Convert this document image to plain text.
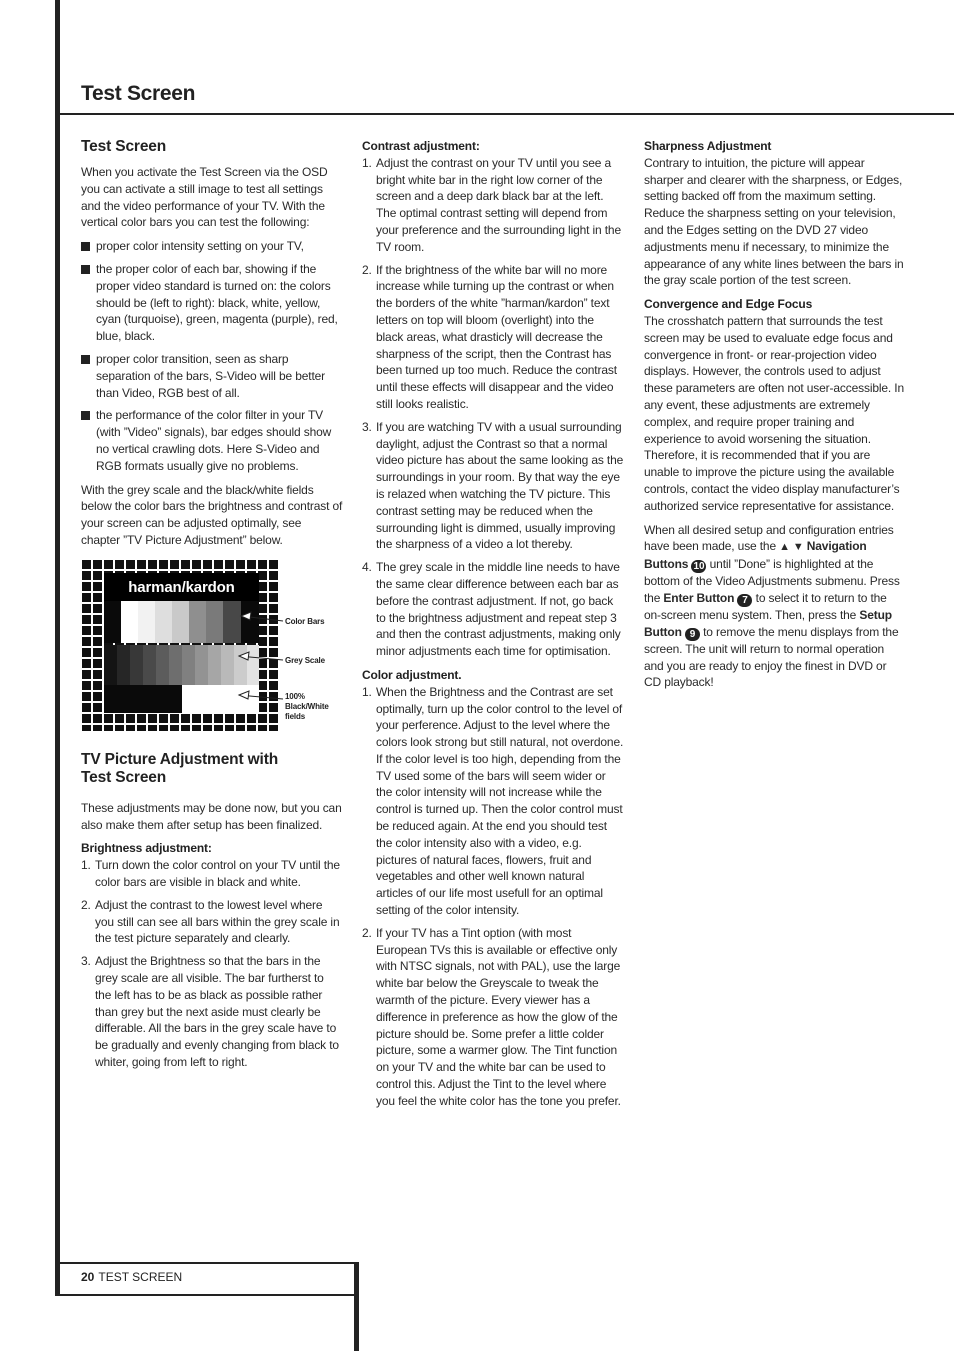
Test Screen
Test Screen

When you activate the Test Screen via the OSD you can activate a still image to test all settings and the video performance of your TV. With the vertical color bars you can test the following:

proper color intensity setting on your TV,
the proper color of each bar, showing if the proper video standard is turned on: the colors should be (left to right): black, white, yellow, cyan (turquoise), green, magenta (purple), red, blue, black.
proper color transition, seen as sharp separation of the bars, S-Video will be better than Video, RGB best of all.
the performance of the color filter in your TV (with ”Video” signals), bar edges should show no vertical crawling dots. Here S-Video and RGB formats usually give no problems.

With the grey scale and the black/white fields below the color bars the brightness and contrast of your screen can be adjusted optimally, see chapter ”TV Picture Adjustment” below.

harman/kardon
Color Bars
Grey Scale
100%
Black/White
fields
TV Picture Adjustment with
Test Screen

These adjustments may be done now, but you can also make them after setup has been finalized.

Brightness adjustment:
1. Turn down the color control on your TV until the color bars are visible in black and white.
2. Adjust the contrast to the lowest level where you still can see all bars within the grey scale in the test picture separately and clearly.
3. Adjust the Brightness so that the bars in the grey scale are all visible. The bar furtherst to the left has to be as black as possible rather than grey but the next aside must clearly be differable. All the bars in the grey scale have to be gradually and evenly changing from black to whiter, going from left to right.
Contrast adjustment:
1. Adjust the contrast on your TV until you see a bright white bar in the right low corner of the screen and a deep dark black bar at the left. The optimal contrast setting will depend from your preference and the surrounding light in the TV room.
2. If the brightness of the white bar will no more increase while turning up the contrast or when the borders of the white ”harman/kardon” text letters on top will bloom (overlight) into the black areas, what drasticly will decrease the sharpness of the script, then the Contrast has been turned up too much. Reduce the contrast until these effects will disappear and the video still looks realistic.
3. If you are watching TV with a usual surrounding daylight, adjust the Contrast so that a normal video picture has about the same looking as the surroundings in your room. By that way the eye is relazed when watching the TV picture. This contrast setting may be reduced when the surrounding light is dimmed, usually improving the sharpness of a video a lot thereby.
4. The grey scale in the middle line needs to have the same clear difference between each bar as before the contrast adjustment. If not, go back to the brightness adjustment and repeat step 3 and then the contrast adjustments, making only minor adjustments each time for optimisation.
Color adjustment.
1. When the Brightness and the Contrast are set optimally, turn up the color control to the level of your perference. Adjust to the level where the colors look strong but still natural, not overdone. If the color level is too high, depending from the TV used some of the bars will seem wider or the color intensity will not increase while the control is turned up. Then the color control must be reduced again. At the end you should test the color intensity also with a video, e.g. pictures of natural faces, flowers, fruit and vegetables and other well known natural articles of our life most usefull for an optimal setting of the color intensity.
2. If your TV has a Tint option (with most European TVs this is available or effective only with NTSC signals, not with PAL), use the large white bar below the Greyscale to tweak the warmth of the picture. Every viewer has a difference in preference as how the glow of the picture should be. Some prefer a little colder picture, some a warmer glow. The Tint function on your TV and the white bar can be used to control this. Adjust the Tint to the level where you feel the white color has the tone you prefer.
Sharpness Adjustment

Contrary to intuition, the picture will appear sharper and clearer with the sharpness, or Edges, setting backed off from the maximum setting. Reduce the sharpness setting on your television, and the Edges setting on the DVD 27 video adjustments menu if necessary, to minimize the appearance of any white lines between the bars in the gray scale portion of the test screen.

Convergence and Edge Focus

The crosshatch pattern that surrounds the test screen may be used to evaluate edge focus and convergence in front- or rear-projection video displays. However, the controls used to adjust these parameters are often not user-accessible. In any event, these adjustments are extremely complex, and require proper training and experience to avoid worsening the situation. Therefore, it is recommended that if you are unable to improve the picture using the available controls, contact the video display manufacturer’s authorized service representative for assistance.

When all desired setup and configuration entries have been made, use the ▲ ▼ Navigation Buttons 10 until ”Done” is highlighted at the bottom of the Video Adjustments submenu. Press the Enter Button 7 to select it to return to the on-screen menu system. Then, press the Setup Button 9 to remove the menu displays from the screen. The unit will return to normal operation and you are ready to enjoy the finest in DVD or CD playback!

20 TEST SCREEN
